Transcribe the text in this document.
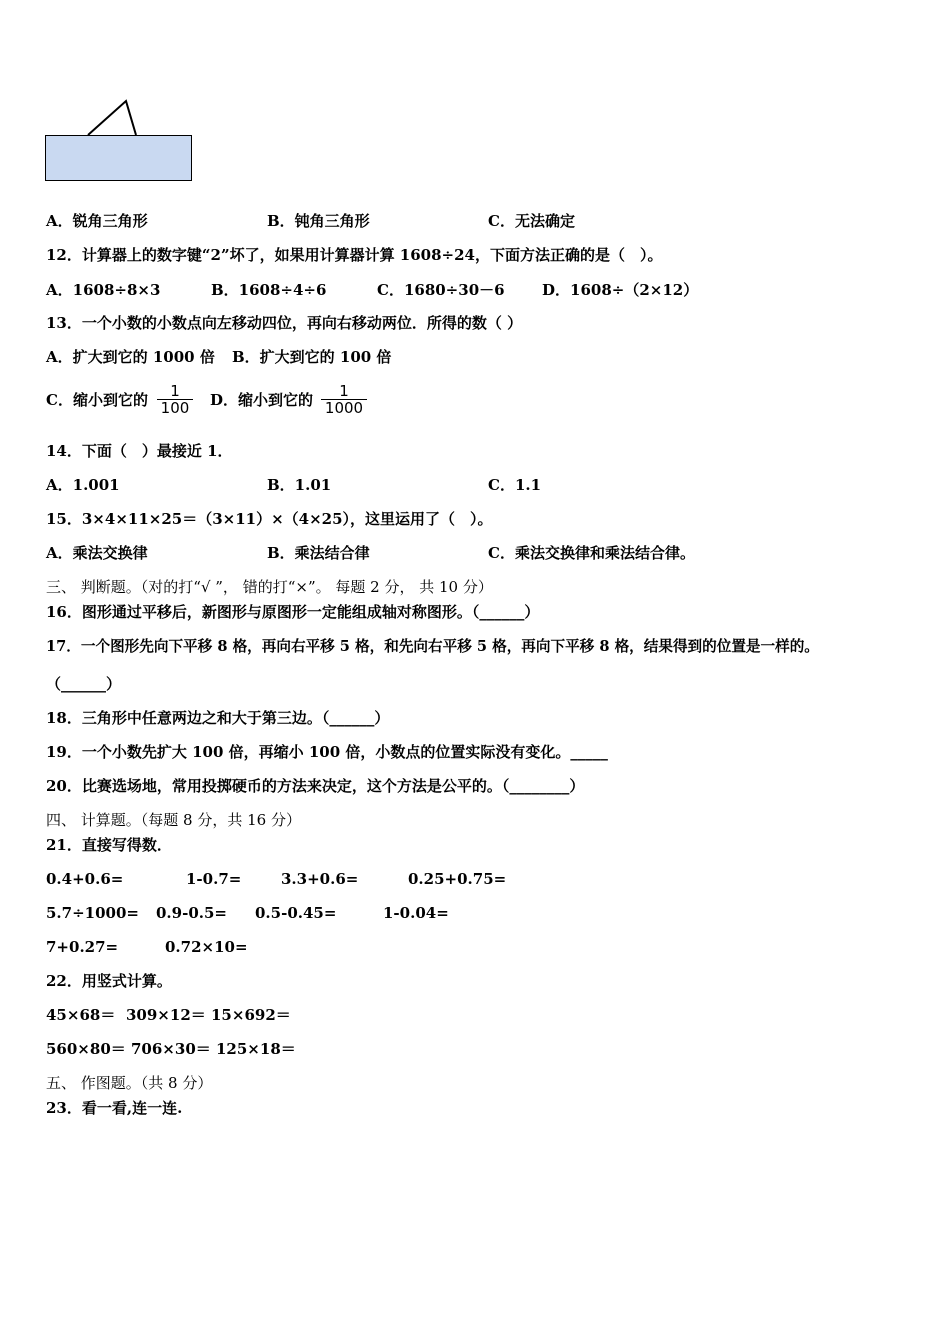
A．锐角三角形	B．钝角三角形	C．无法确定
12．计算器上的数字键“2”坏了，如果用计算器计算 1608÷24，下面方法正确的是（　）。
A．1608÷8×3	B．1608÷4÷6	C．1680÷30－6 D．1608÷（2×12）
13．一个小数的小数点向左移动四位，再向右移动两位．所得的数（ ）
A．扩大到它的 1000 倍 B．扩大到它的 100 倍
C．缩小到它的	1
100 D．缩小到它的	1
1000
14．下面（　）最接近 1．
A．1.001	B．1.01	C．1.1
15．3×4×11×25＝（3×11）×（4×25），这里运用了（　）。
A．乘法交换律	B．乘法结合律	C．乘法交换律和乘法结合律。
三、 判断题。（对的打“√ ”， 错的打“×”。 每题 2 分， 共 10 分）
16．图形通过平移后，新图形与原图形一定能组成轴对称图形。（______）
17．一个图形先向下平移 8 格，再向右平移 5 格，和先向右平移 5 格，再向下平移 8 格，结果得到的位置是一样的。
（______）
18．三角形中任意两边之和大于第三边。（______）
19．一个小数先扩大 100 倍，再缩小 100 倍，小数点的位置实际没有变化。_____
20．比赛选场地，常用投掷硬币的方法来决定，这个方法是公平的。（________）
四、 计算题。（每题 8 分，共 16 分）
21．直接写得数．
0.4+0.6=	1-0.7=	3.3+0.6=	0.25+0.75=
5.7÷1000= 0.9-0.5= 0.5-0.45=	1-0.04=
7+0.27=	0.72×10=
22．用竖式计算。
45×68＝ 309×12＝ 15×692＝
560×80＝ 706×30＝ 125×18＝
五、 作图题。（共 8 分）
23．看一看,连一连.
